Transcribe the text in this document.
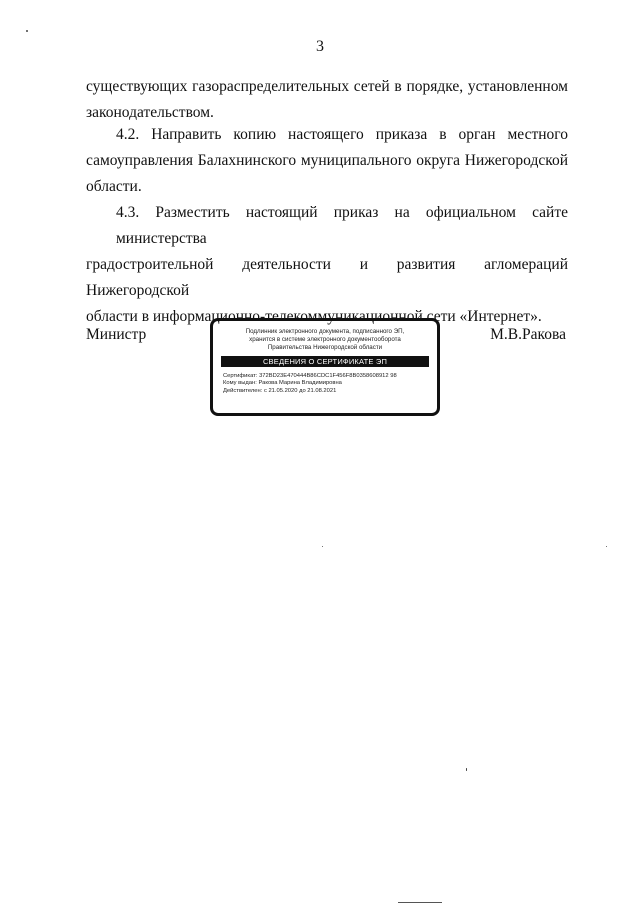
3
существующих газораспределительных сетей в порядке, установленном
законодательством.
4.2. Направить копию настоящего приказа в орган местного
самоуправления Балахнинского муниципального округа Нижегородской
области.
4.3. Разместить настоящий приказ на официальном сайте министерства
градостроительной деятельности и развития агломераций Нижегородской
области в информационно-телекоммуникационной сети «Интернет».
Министр	М.В.Ракова
Подлинник электронного документа, подписанного ЭП,
хранится в системе электронного документооборота
Правительства Нижегородской области
СВЕДЕНИЯ О СЕРТИФИКАТЕ ЭП
Сертификат: 372BD23E470444B86CDC1F456F8B0358608912 98
Кому выдан: Ракова Марина Владимировна
Действителен: с 21.05.2020 до 21.08.2021
